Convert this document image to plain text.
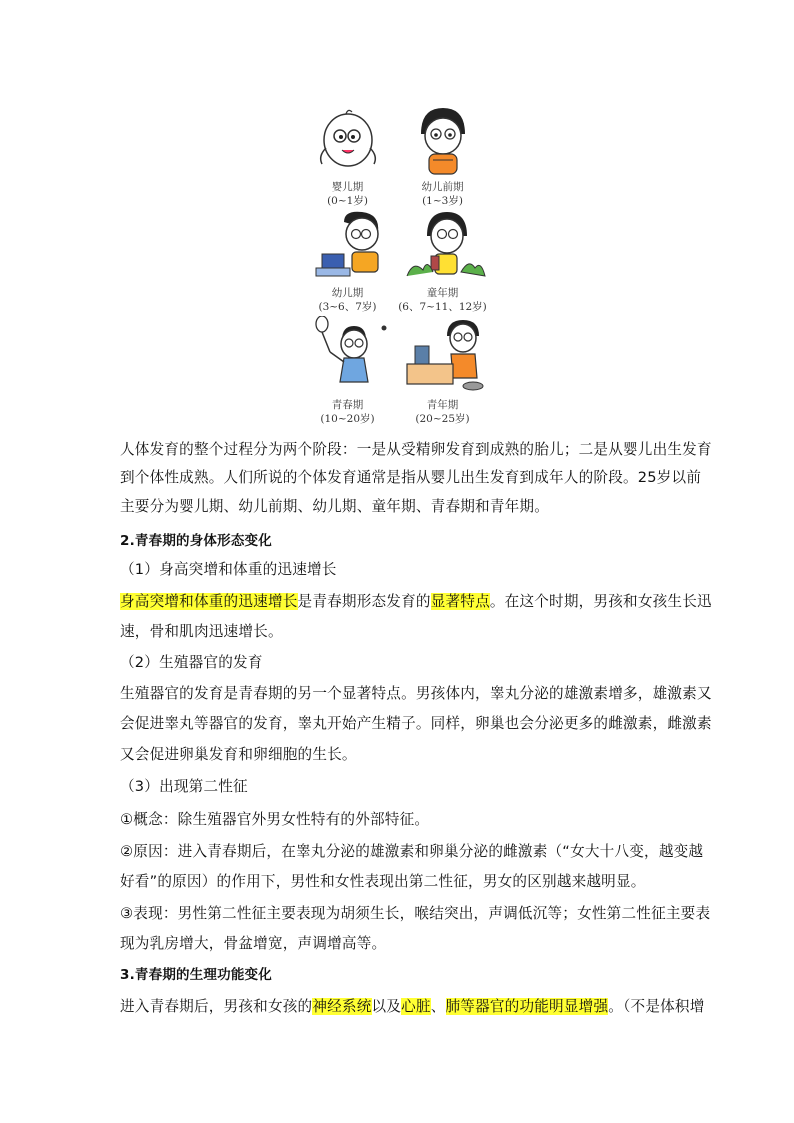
婴儿期
(0~1岁)
幼儿前期
(1~3岁)
幼儿期
(3~6、7岁)
童年期
(6、7~11、12岁)
青春期
(10~20岁)
青年期
(20~25岁)
人体发育的整个过程分为两个阶段：一是从受精卵发育到成熟的胎儿；二是从婴儿出生发育
到个体性成熟。人们所说的个体发育通常是指从婴儿出生发育到成年人的阶段。25岁以前
主要分为婴儿期、幼儿前期、幼儿期、童年期、青春期和青年期。
2.青春期的身体形态变化
（1）身高突增和体重的迅速增长
身高突增和体重的迅速增长是青春期形态发育的显著特点。在这个时期，男孩和女孩生长迅
速，骨和肌肉迅速增长。
（2）生殖器官的发育
生殖器官的发育是青春期的另一个显著特点。男孩体内，睾丸分泌的雄激素增多，雄激素又
会促进睾丸等器官的发育，睾丸开始产生精子。同样，卵巢也会分泌更多的雌激素，雌激素
又会促进卵巢发育和卵细胞的生长。
（3）出现第二性征
①概念：除生殖器官外男女性特有的外部特征。
②原因：进入青春期后，在睾丸分泌的雄激素和卵巢分泌的雌激素（“女大十八变，越变越
好看”的原因）的作用下，男性和女性表现出第二性征，男女的区别越来越明显。
③表现：男性第二性征主要表现为胡须生长，喉结突出，声调低沉等；女性第二性征主要表
现为乳房增大，骨盆增宽，声调增高等。
3.青春期的生理功能变化
进入青春期后，男孩和女孩的神经系统以及心脏、肺等器官的功能明显增强。（不是体积增
